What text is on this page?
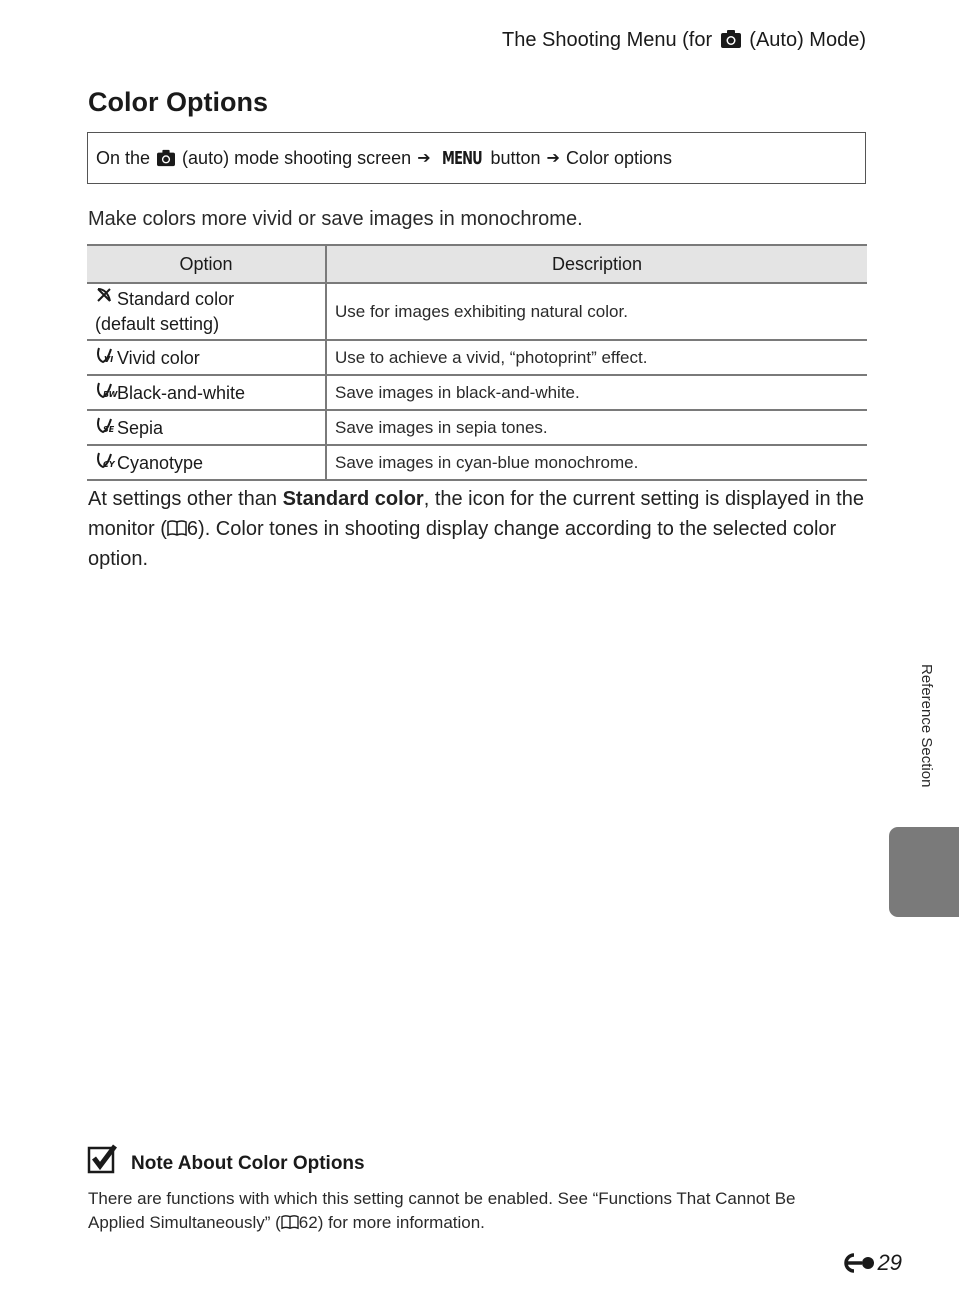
The Shooting Menu (for (Auto) Mode)
Color Options
On the (auto) mode shooting screen ➔ MENU button ➔ Color options
Make colors more vivid or save images in monochrome.
Option	Description
Standard color
(default setting)	Use for images exhibiting natural color.

VI Vivid color	Use to achieve a vivid, “photoprint” effect.

BW Black-and-white	Save images in black-and-white.

SE Sepia	Save images in sepia tones.

CY Cyanotype	Save images in cyan-blue monochrome.

At settings other than Standard color, the icon for the current setting is displayed in the monitor ( 6). Color tones in shooting display change according to the selected color option.

Reference Section
Note About Color Options

There are functions with which this setting cannot be enabled. See “Functions That Cannot Be Applied Simultaneously” ( 62) for more information.

29
